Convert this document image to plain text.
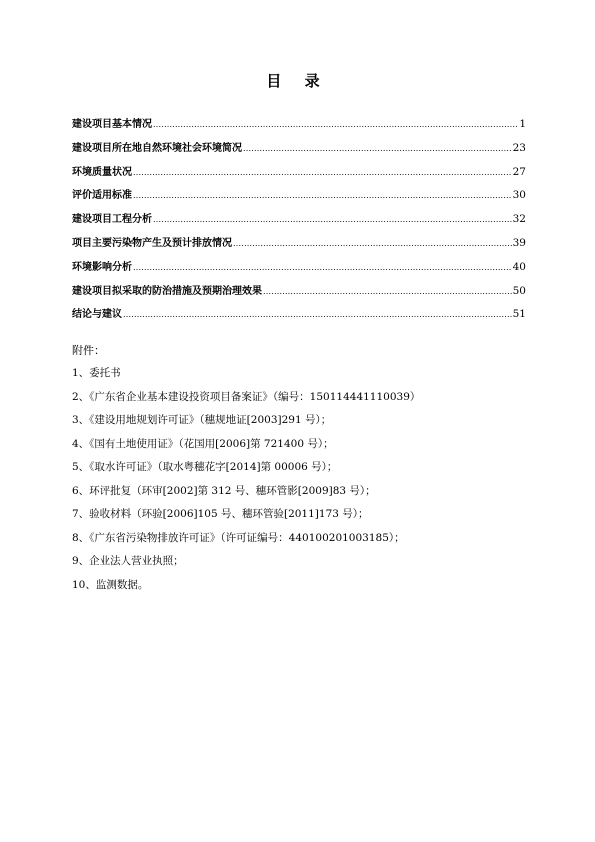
目 录
建设项目基本情况 .....	1
建设项目所在地自然环境社会环境简况 .....	23
环境质量状况 .....	27
评价适用标准 .....	30
建设项目工程分析 .....	32
项目主要污染物产生及预计排放情况 .....	39
环境影响分析 .....	40
建设项目拟采取的防治措施及预期治理效果 .....	50
结论与建议 .....	51
附件：
1、委托书
2、《广东省企业基本建设投资项目备案证》（编号：150114441110039）
3、《建设用地规划许可证》（穗规地证[2003]291 号）；
4、《国有土地使用证》（花国用[2006]第 721400 号）；
5、《取水许可证》（取水粤穗花字[2014]第 00006 号）；
6、环评批复（环审[2002]第 312 号、穗环管影[2009]83 号）；
7、验收材料（环验[2006]105 号、穗环管验[2011]173 号）；
8、《广东省污染物排放许可证》（许可证编号：440100201003185）；
9、企业法人营业执照；
10、监测数据。
